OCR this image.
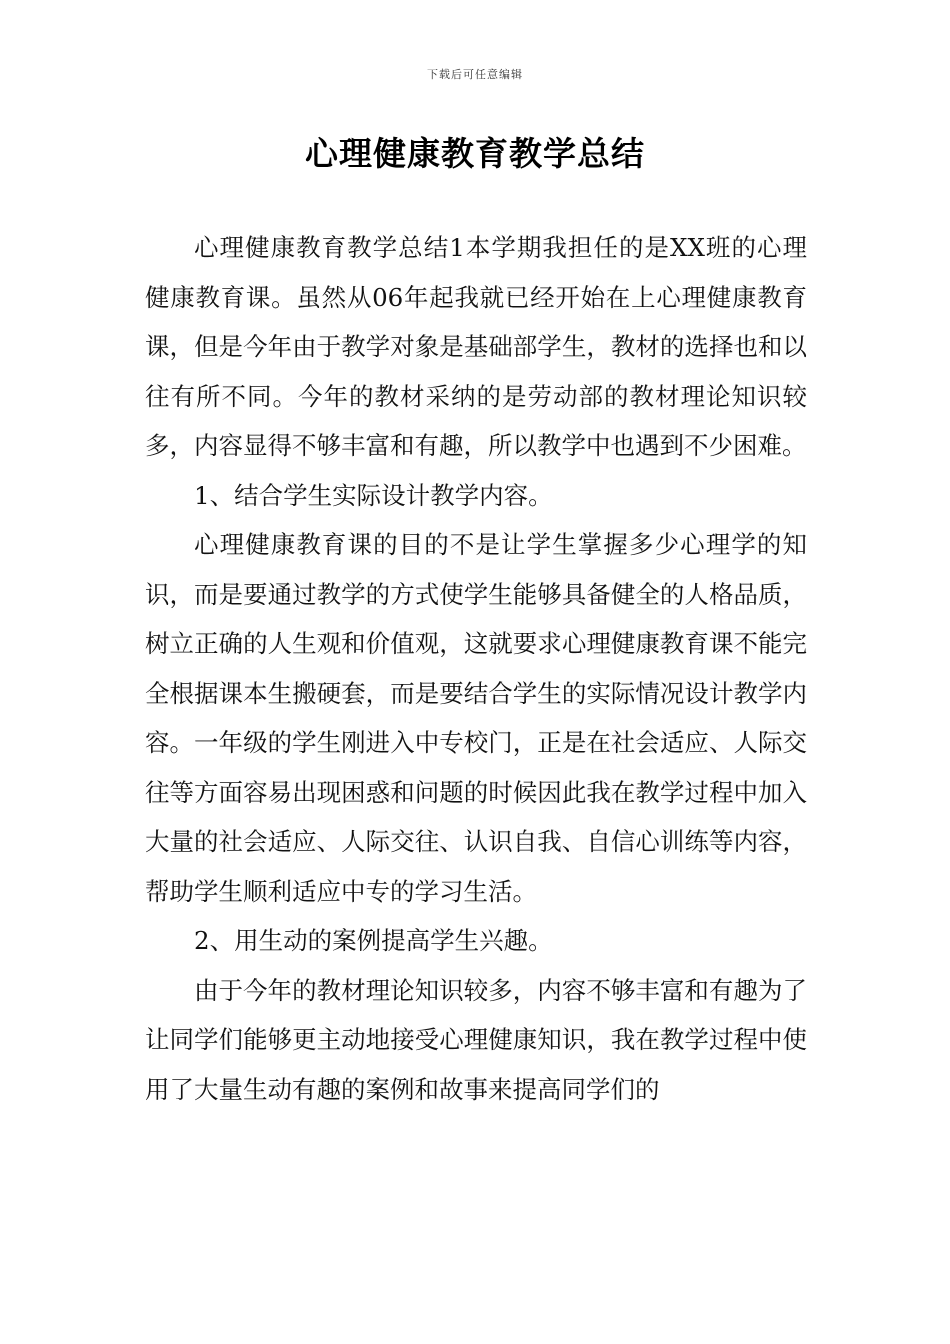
下载后可任意编辑
心理健康教育教学总结

心理健康教育教学总结1本学期我担任的是XX班的心理健康教育课。虽然从06年起我就已经开始在上心理健康教育课，但是今年由于教学对象是基础部学生，教材的选择也和以往有所不同。今年的教材采纳的是劳动部的教材理论知识较多，内容显得不够丰富和有趣，所以教学中也遇到不少困难。

1、结合学生实际设计教学内容。

心理健康教育课的目的不是让学生掌握多少心理学的知识，而是要通过教学的方式使学生能够具备健全的人格品质，树立正确的人生观和价值观，这就要求心理健康教育课不能完全根据课本生搬硬套，而是要结合学生的实际情况设计教学内容。一年级的学生刚进入中专校门，正是在社会适应、人际交往等方面容易出现困惑和问题的时候因此我在教学过程中加入大量的社会适应、人际交往、认识自我、自信心训练等内容，帮助学生顺利适应中专的学习生活。

2、用生动的案例提高学生兴趣。

由于今年的教材理论知识较多，内容不够丰富和有趣为了让同学们能够更主动地接受心理健康知识，我在教学过程中使用了大量生动有趣的案例和故事来提高同学们的
